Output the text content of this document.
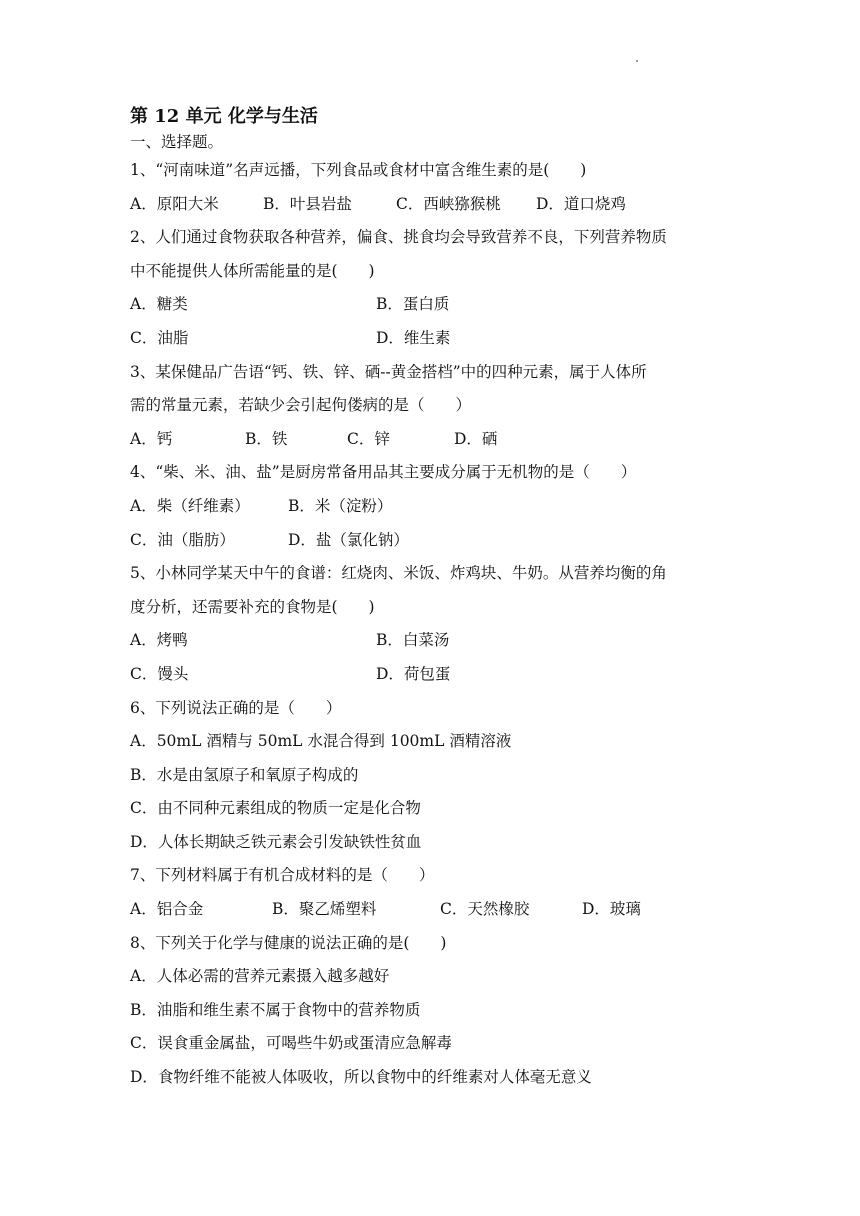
第 12 单元 化学与生活
一、选择题。
1、“河南味道”名声远播，下列食品或食材中富含维生素的是(　　)
A．原阳大米	B．叶县岩盐	C．西峡猕猴桃	D．道口烧鸡
2、人们通过食物获取各种营养，偏食、挑食均会导致营养不良，下列营养物质
中不能提供人体所需能量的是(　　)
A．糖类	B．蛋白质
C．油脂	D．维生素
3、某保健品广告语“钙、铁、锌、硒--黄金搭档”中的四种元素，属于人体所
需的常量元素，若缺少会引起佝偻病的是（　　）
A．钙	B．铁	C．锌	D．硒
4、“柴、米、油、盐”是厨房常备用品其主要成分属于无机物的是（　　）
A．柴（纤维素）	B．米（淀粉）
C．油（脂肪）	D．盐（氯化钠）
5、小林同学某天中午的食谱：红烧肉、米饭、炸鸡块、牛奶。从营养均衡的角
度分析，还需要补充的食物是(　　)
A．烤鸭	B．白菜汤
C．馒头	D．荷包蛋
6、下列说法正确的是（　　）
A．50mL 酒精与 50mL 水混合得到 100mL 酒精溶液
B．水是由氢原子和氧原子构成的
C．由不同种元素组成的物质一定是化合物
D．人体长期缺乏铁元素会引发缺铁性贫血
7、下列材料属于有机合成材料的是（　　）
A．铝合金	B．聚乙烯塑料	C．天然橡胶	D．玻璃
8、下列关于化学与健康的说法正确的是(　　)
A．人体必需的营养元素摄入越多越好
B．油脂和维生素不属于食物中的营养物质
C．误食重金属盐，可喝些牛奶或蛋清应急解毒
D．食物纤维不能被人体吸收，所以食物中的纤维素对人体毫无意义
